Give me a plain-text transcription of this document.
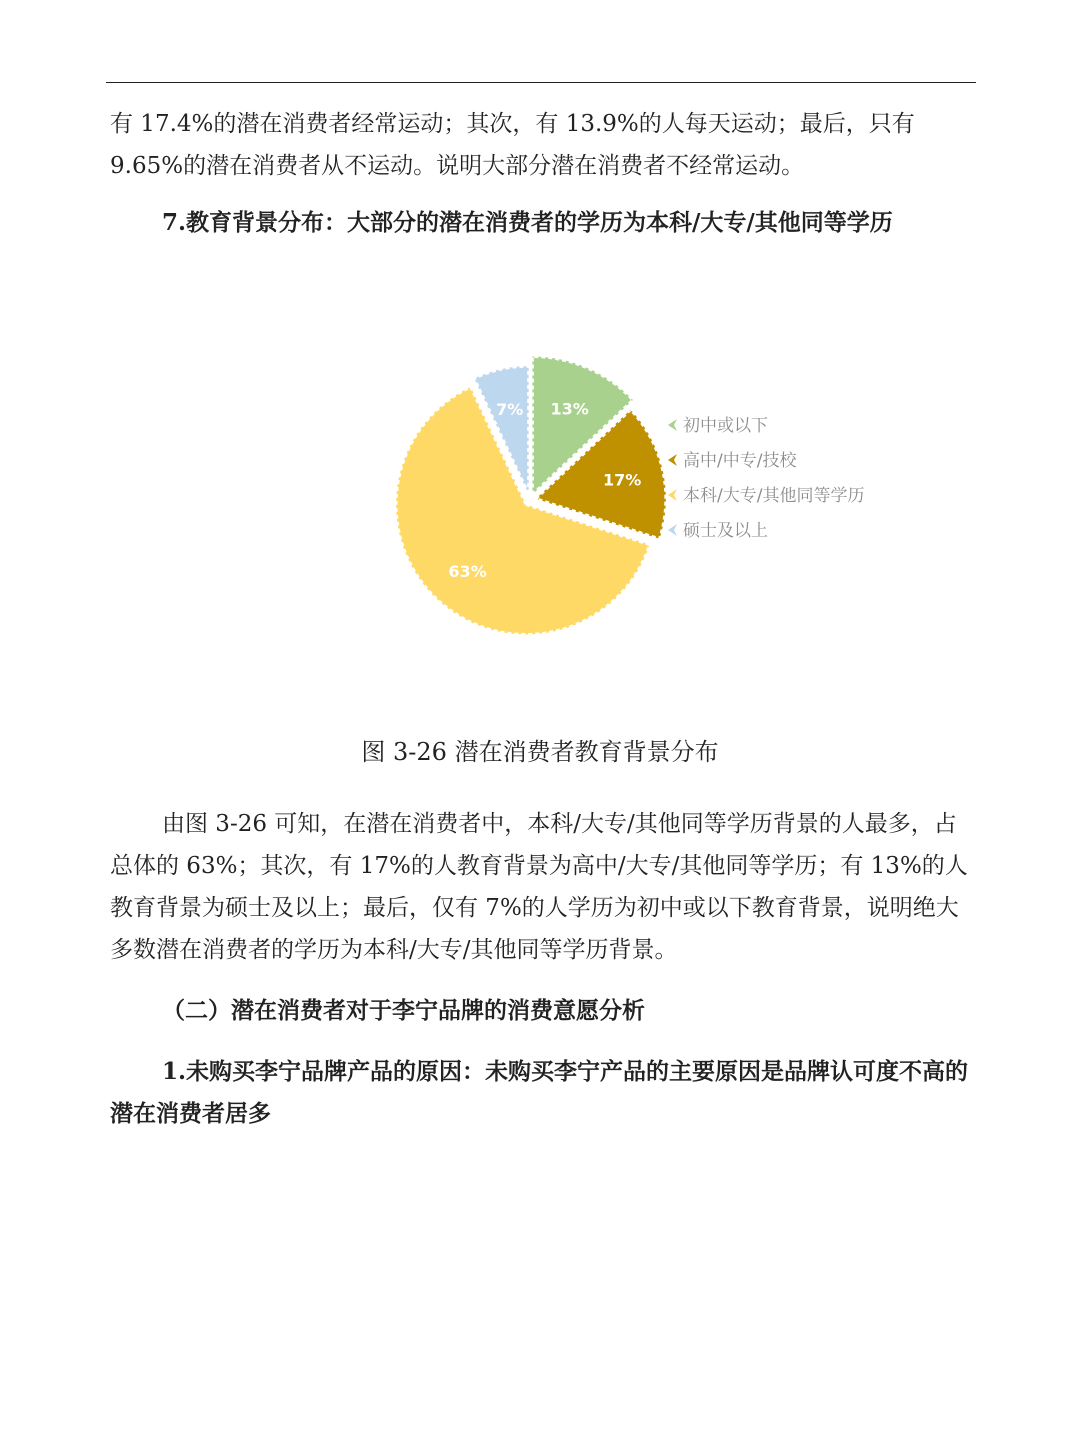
有 17.4%的潜在消费者经常运动；其次，有 13.9%的人每天运动；最后，只有
9.65%的潜在消费者从不运动。说明大部分潜在消费者不经常运动。

7.教育背景分布：大部分的潜在消费者的学历为本科/大专/其他同等学历

13%
17%
63%
7%
初中或以下
高中/中专/技校
本科/大专/其他同等学历
硕士及以上
图 3-26 潜在消费者教育背景分布

由图 3-26 可知，在潜在消费者中，本科/大专/其他同等学历背景的人最多，占总体的 63%；其次，有 17%的人教育背景为高中/大专/其他同等学历；有 13%的人教育背景为硕士及以上；最后，仅有 7%的人学历为初中或以下教育背景，说明绝大多数潜在消费者的学历为本科/大专/其他同等学历背景。

（二）潜在消费者对于李宁品牌的消费意愿分析

1.未购买李宁品牌产品的原因：未购买李宁产品的主要原因是品牌认可度不高的潜在消费者居多
